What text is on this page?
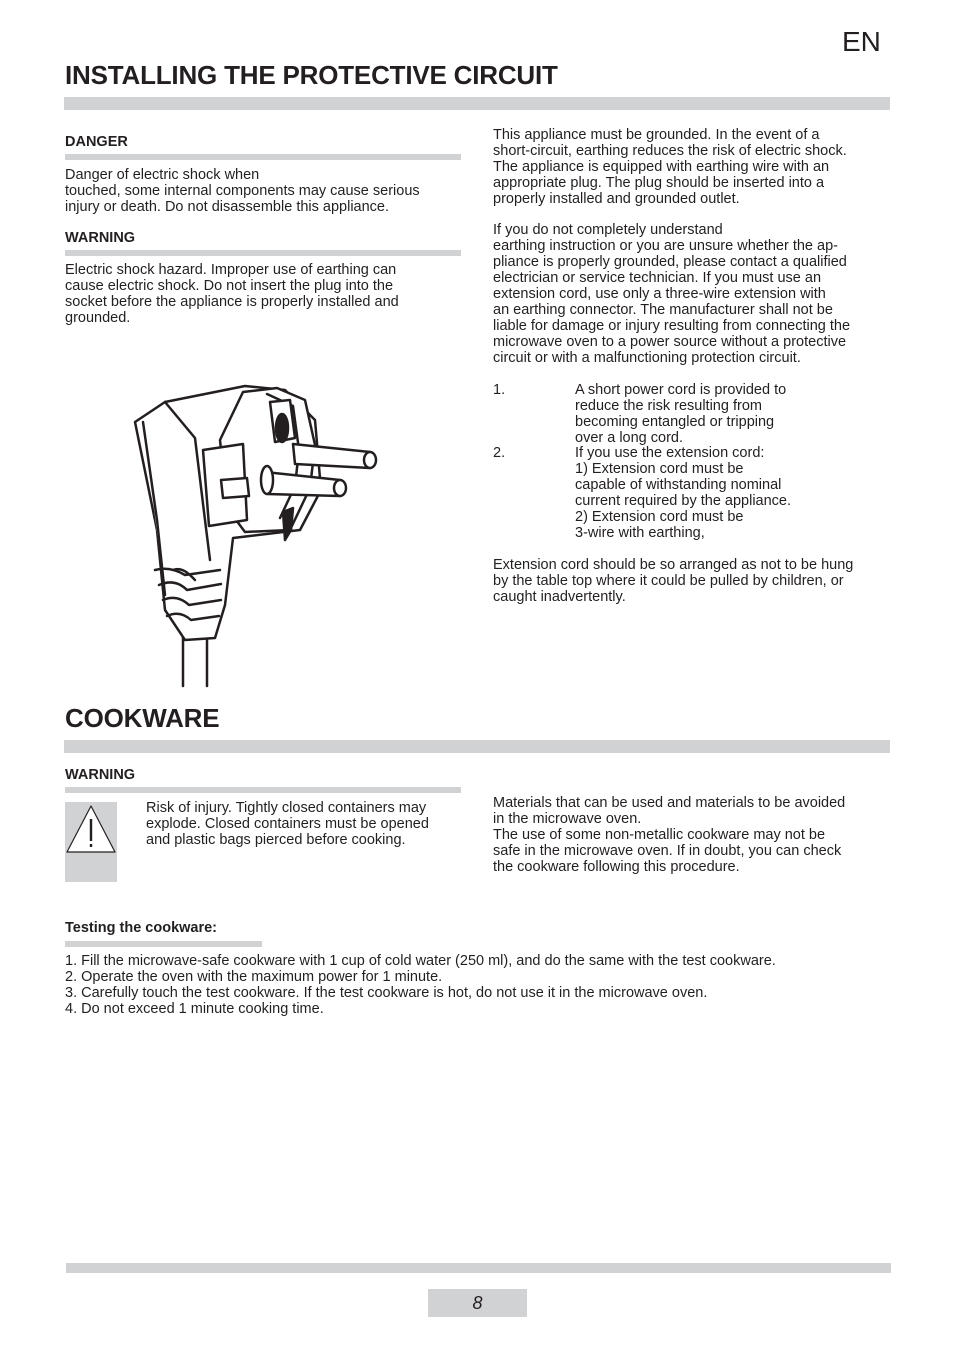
EN
INSTALLING THE PROTECTIVE CIRCUIT
DANGER
Danger of electric shock when
touched, some internal components may cause serious
injury or death. Do not disassemble this appliance.
WARNING
Electric shock hazard. Improper use of earthing can
cause electric shock. Do not insert the plug into the
socket before the appliance is properly installed and
grounded.
This appliance must be grounded. In the event of a
short-circuit, earthing reduces the risk of electric shock.
The appliance is equipped with earthing wire with an
appropriate plug. The plug should be inserted into a
properly installed and grounded outlet.
If you do not completely understand
earthing instruction or you are unsure whether the ap-
pliance is properly grounded, please contact a qualified
electrician or service technician. If you must use an
extension cord, use only a three-wire extension with
an earthing connector. The manufacturer shall not be
liable for damage or injury resulting from connecting the
microwave oven to a power source without a protective
circuit or with a malfunctioning protection circuit.
1.	A short power cord is provided to
reduce the risk resulting from
becoming entangled or tripping
over a long cord.
2.	If you use the extension cord:
1) Extension cord must be
capable of withstanding nominal
current required by the appliance.
2) Extension cord must be
3-wire with earthing,
Extension cord should be so arranged as not to be hung
by the table top where it could be pulled by children, or
caught inadvertently.
COOKWARE
WARNING
Risk of injury. Tightly closed containers may
explode. Closed containers must be opened
and plastic bags pierced before cooking.
Materials that can be used and materials to be avoided
in the microwave oven.
The use of some non-metallic cookware may not be
safe in the microwave oven. If in doubt, you can check
the cookware following this procedure.
Testing the cookware:
1. Fill the microwave-safe cookware with 1 cup of cold water (250 ml), and do the same with the test cookware.
2. Operate the oven with the maximum power for 1 minute.
3. Carefully touch the test cookware. If the test cookware is hot, do not use it in the microwave oven.
4. Do not exceed 1 minute cooking time.
8
